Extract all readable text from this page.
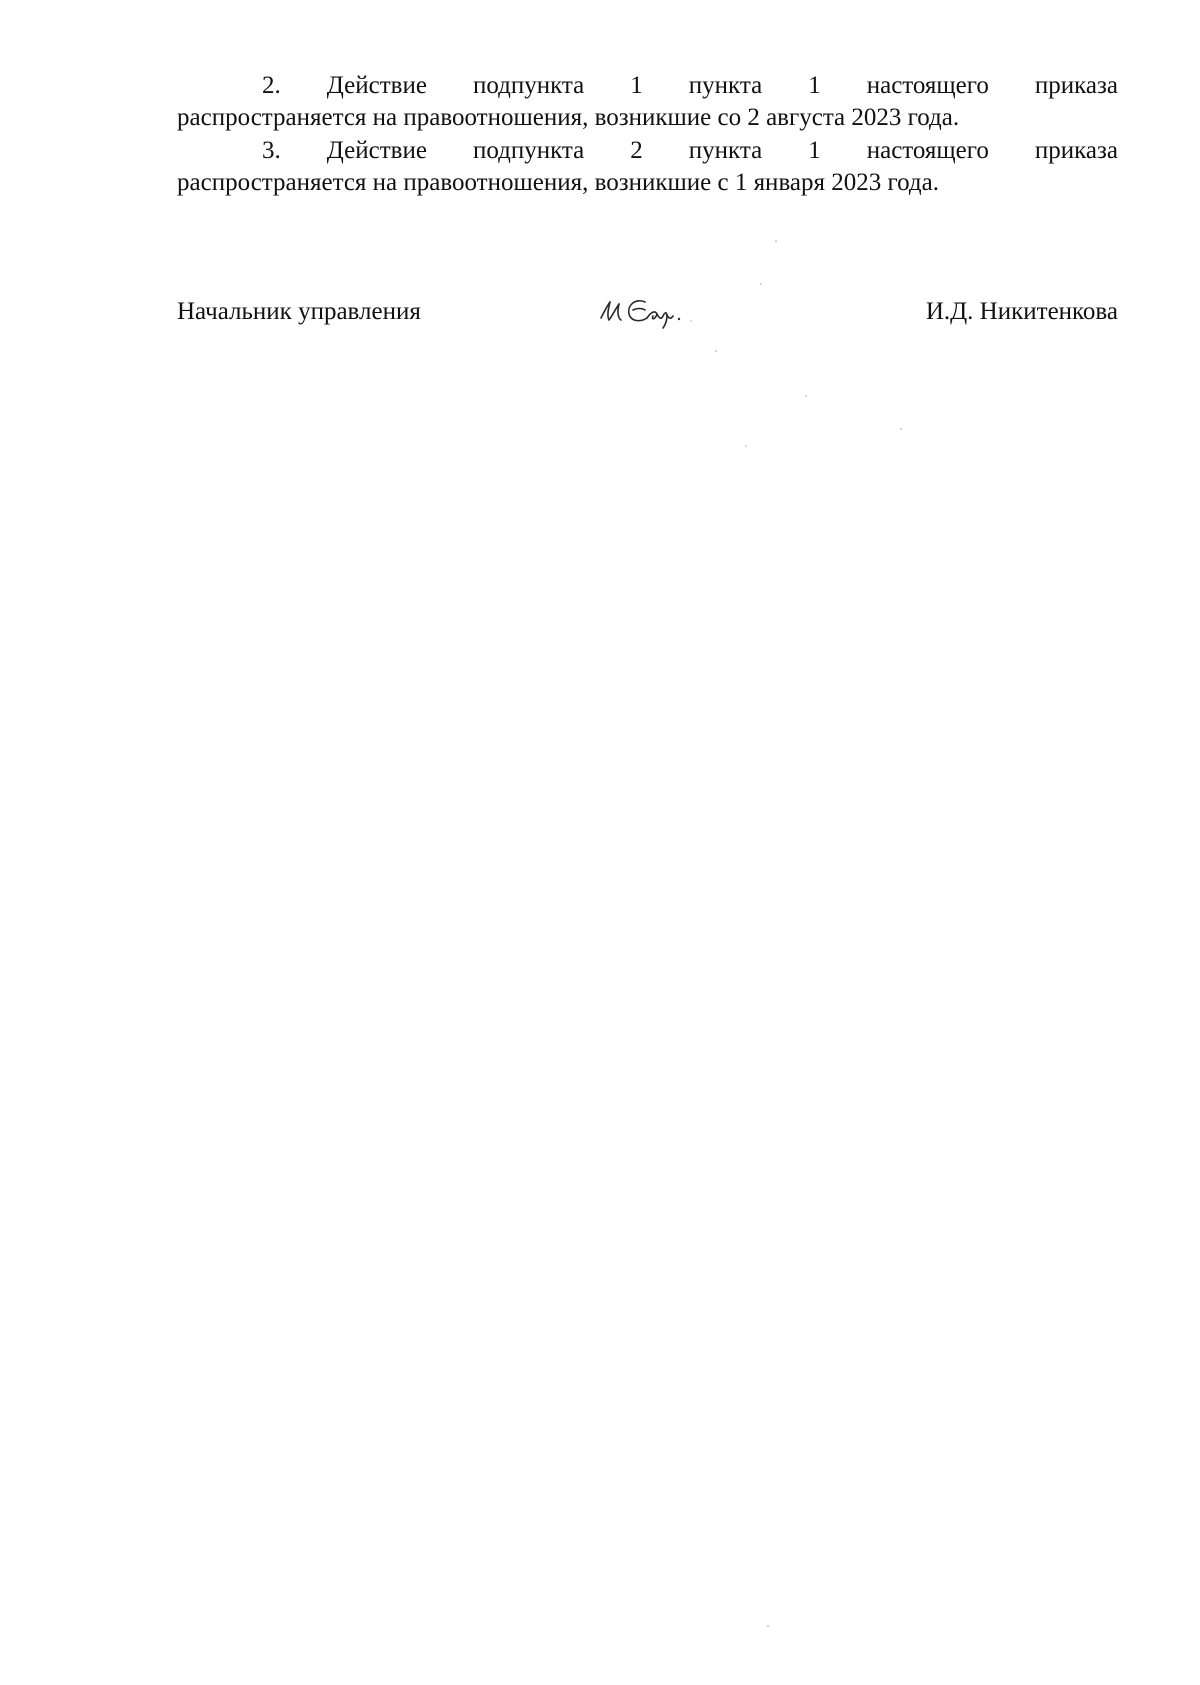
2. Действие подпункта 1 пункта 1 настоящего приказа
распространяется на правоотношения, возникшие со 2 августа 2023 года.

3. Действие подпункта 2 пункта 1 настоящего приказа
распространяется на правоотношения, возникшие с 1 января 2023 года.

Начальник управления	И.Д. Никитенкова
